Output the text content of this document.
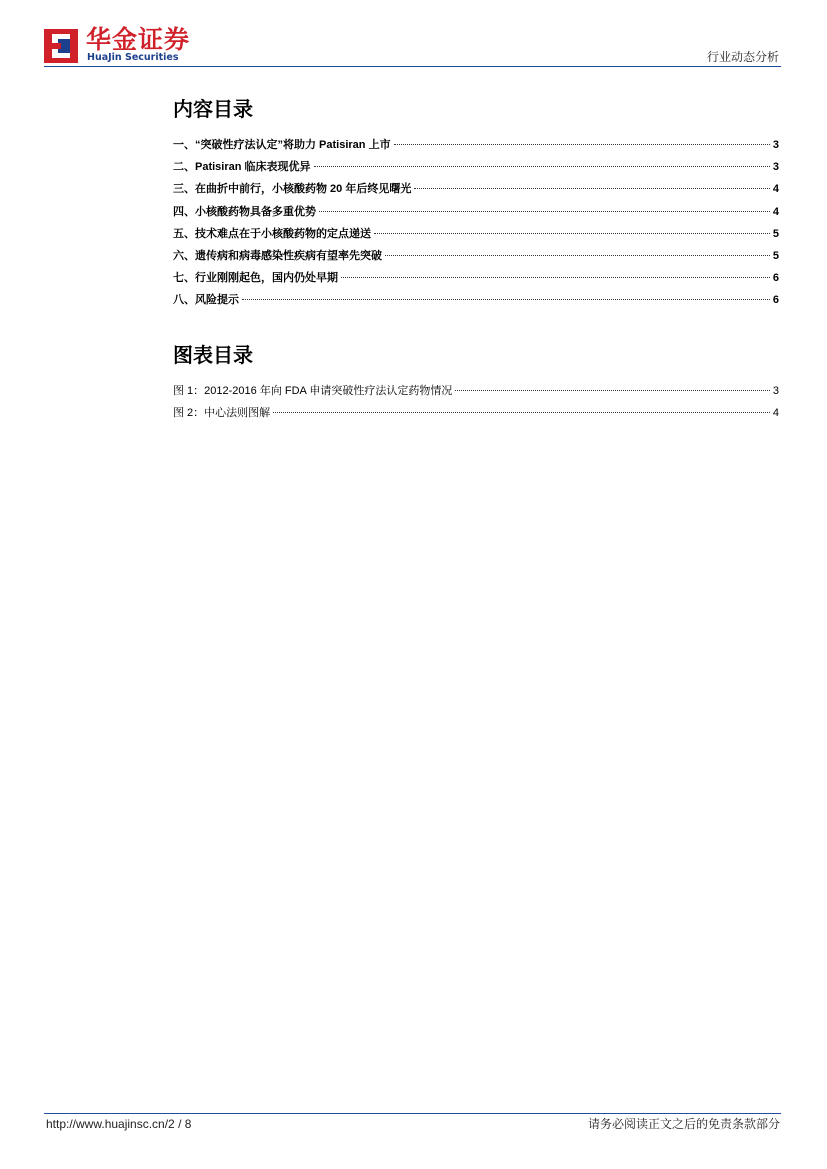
华金证券
HuaJin Securities	行业动态分析
内容目录
一、“突破性疗法认定”将助力 Patisiran 上市	3
二、Patisiran 临床表现优异	3
三、在曲折中前行，小核酸药物 20 年后终见曙光	4
四、小核酸药物具备多重优势	4
五、技术难点在于小核酸药物的定点递送	5
六、遗传病和病毒感染性疾病有望率先突破	5
七、行业刚刚起色，国内仍处早期	6
八、风险提示	6
图表目录
图 1：2012-2016 年向 FDA 申请突破性疗法认定药物情况	3
图 2：中心法则图解	4
http://www.huajinsc.cn/2 / 8	请务必阅读正文之后的免责条款部分
